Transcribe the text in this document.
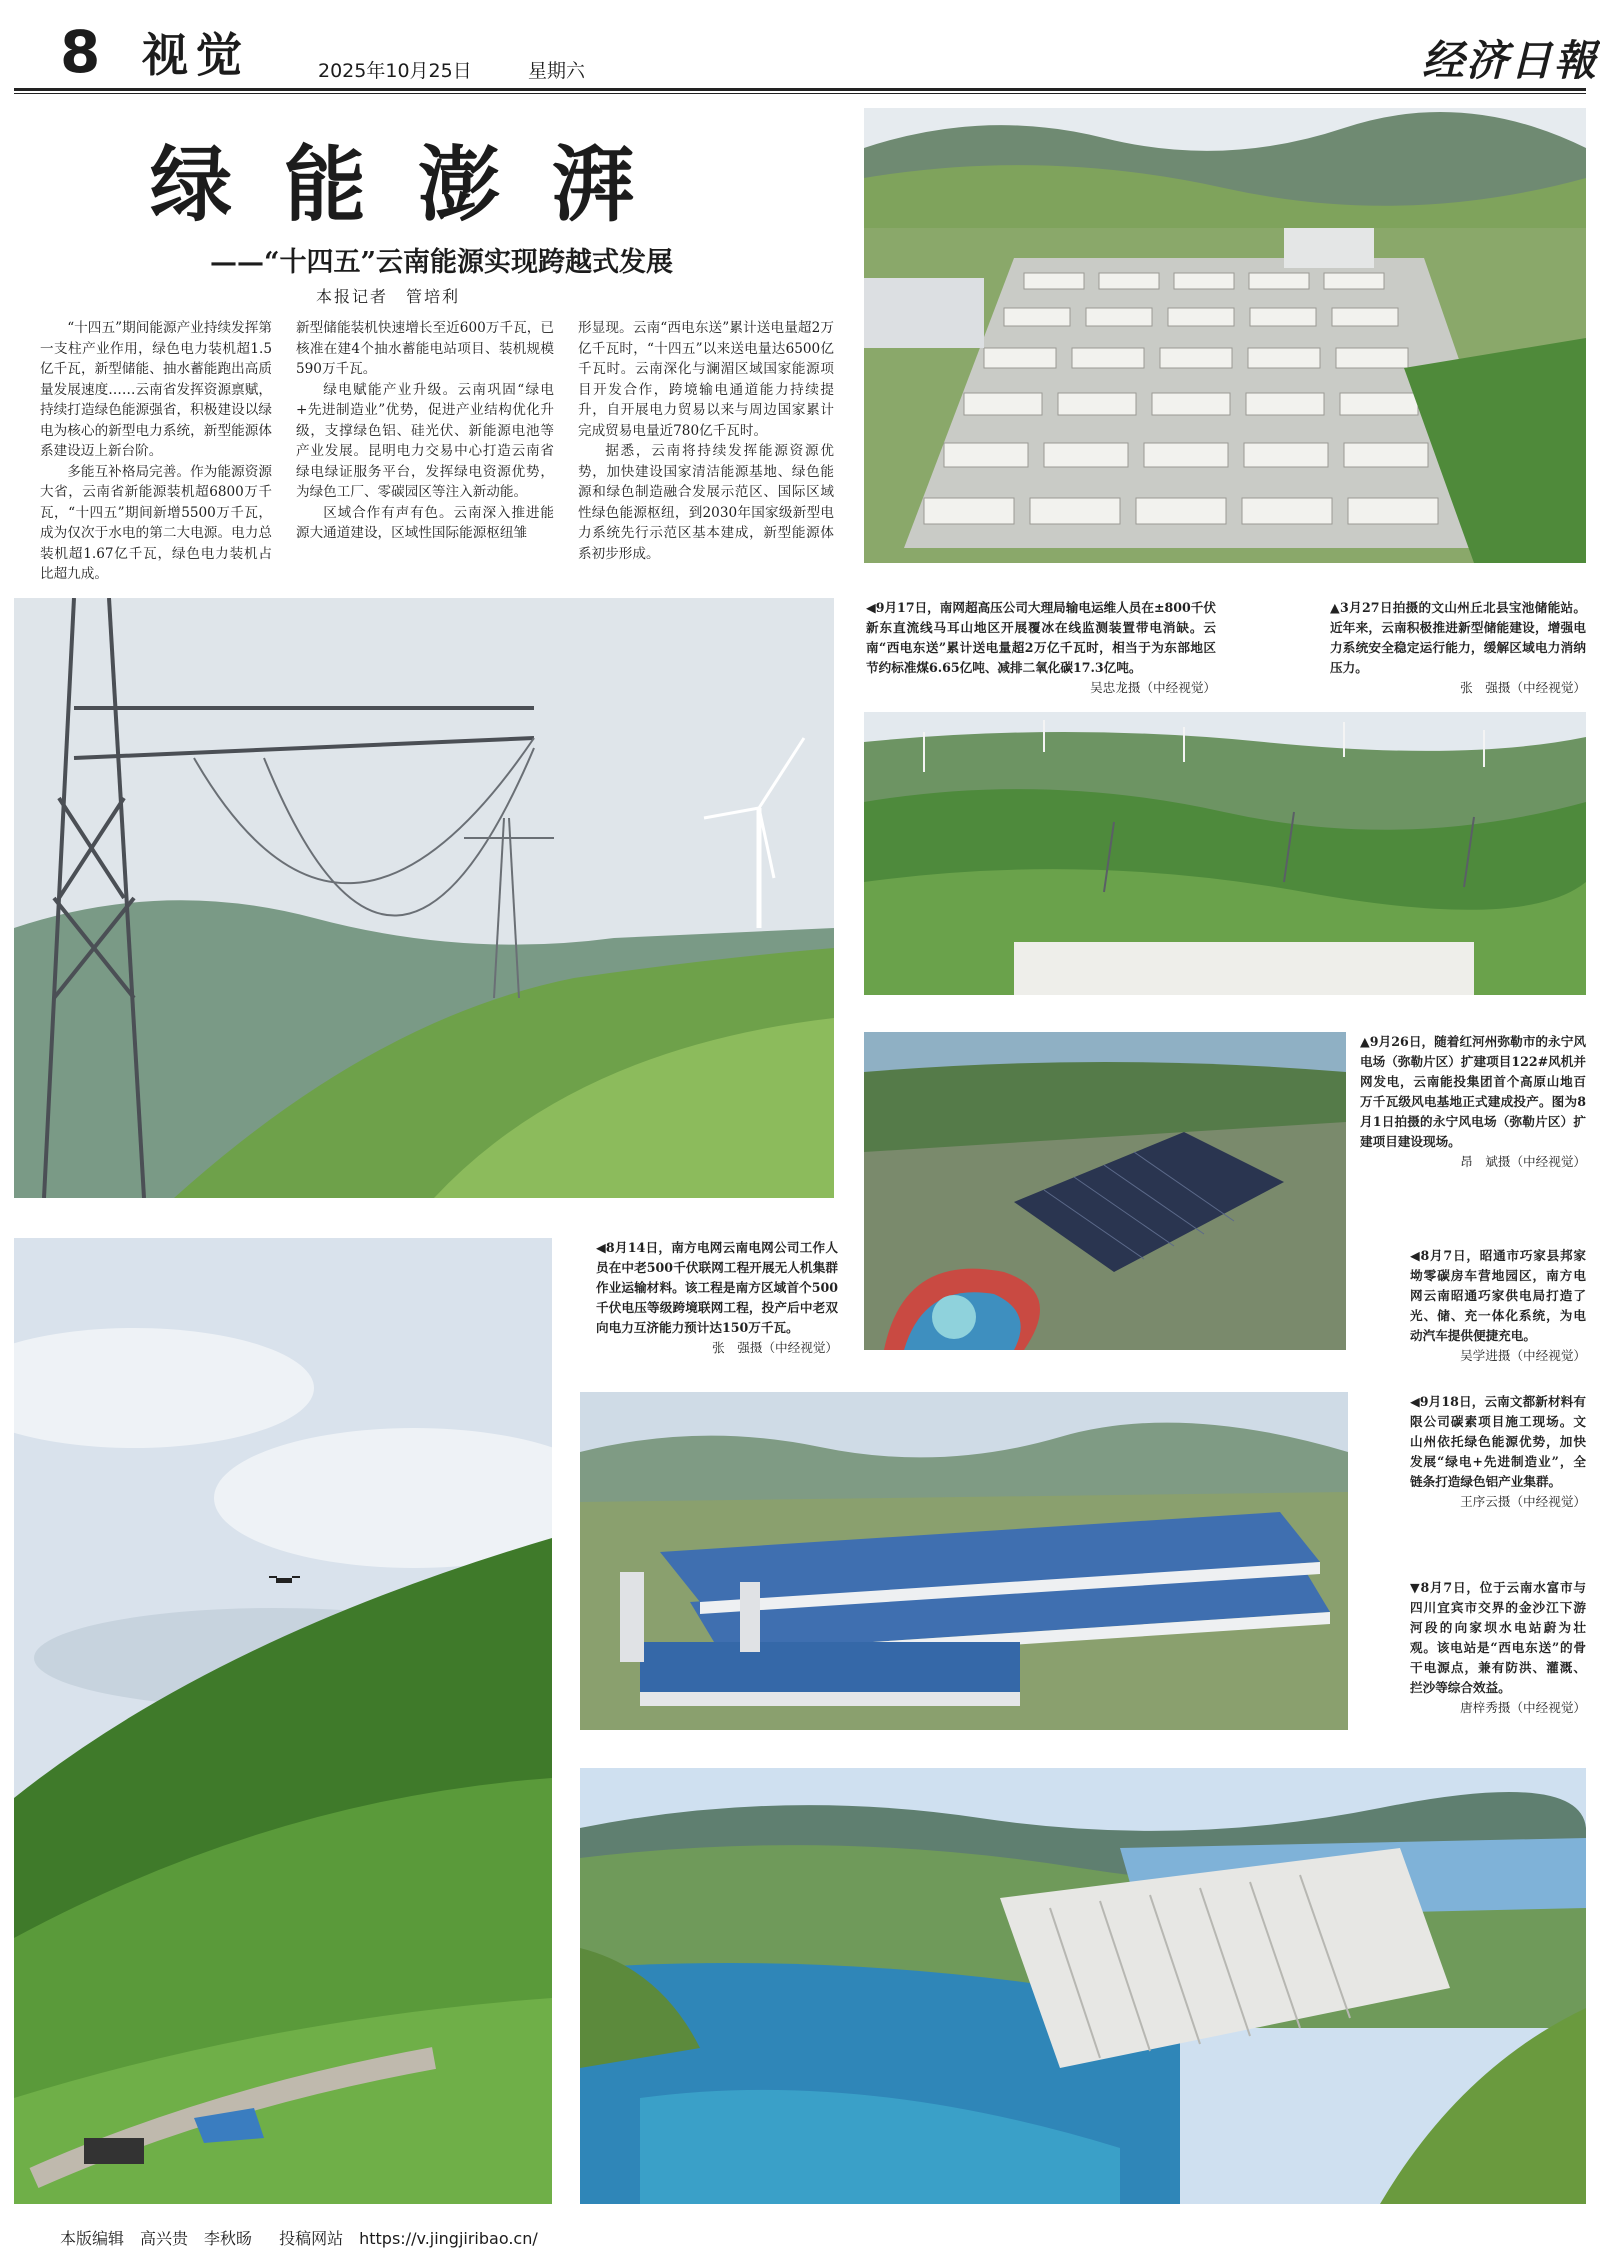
8 视觉	2025年10月25日	星期六	经济日報
绿能澎湃
——“十四五”云南能源实现跨越式发展
本报记者　管培利

“十四五”期间能源产业持续发挥第一支柱产业作用，绿色电力装机超1.5亿千瓦，新型储能、抽水蓄能跑出高质量发展速度……云南省发挥资源禀赋，持续打造绿色能源强省，积极建设以绿电为核心的新型电力系统，新型能源体系建设迈上新台阶。

多能互补格局完善。作为能源资源大省，云南省新能源装机超6800万千瓦，“十四五”期间新增5500万千瓦，成为仅次于水电的第二大电源。电力总装机超1.67亿千瓦，绿色电力装机占比超九成。

新型储能装机快速增长至近600万千瓦，已核准在建4个抽水蓄能电站项目、装机规模590万千瓦。

绿电赋能产业升级。云南巩固“绿电+先进制造业”优势，促进产业结构优化升级，支撑绿色铝、硅光伏、新能源电池等产业发展。昆明电力交易中心打造云南省绿电绿证服务平台，发挥绿电资源优势，为绿色工厂、零碳园区等注入新动能。

区域合作有声有色。云南深入推进能源大通道建设，区域性国际能源枢纽雏

形显现。云南“西电东送”累计送电量超2万亿千瓦时，“十四五”以来送电量达6500亿千瓦时。云南深化与澜湄区域国家能源项目开发合作，跨境输电通道能力持续提升，自开展电力贸易以来与周边国家累计完成贸易电量近780亿千瓦时。

据悉，云南将持续发挥能源资源优势，加快建设国家清洁能源基地、绿色能源和绿色制造融合发展示范区、国际区域性绿色能源枢纽，到2030年国家级新型电力系统先行示范区基本建成，新型能源体系初步形成。

◀9月17日，南网超高压公司大理局输电运维人员在±800千伏新东直流线马耳山地区开展覆冰在线监测装置带电消缺。云南“西电东送”累计送电量超2万亿千瓦时，相当于为东部地区节约标准煤6.65亿吨、减排二氧化碳17.3亿吨。
吴忠龙摄（中经视觉）
▲3月27日拍摄的文山州丘北县宝池储能站。近年来，云南积极推进新型储能建设，增强电力系统安全稳定运行能力，缓解区域电力消纳压力。
张　强摄（中经视觉）
▲9月26日，随着红河州弥勒市的永宁风电场（弥勒片区）扩建项目122#风机并网发电，云南能投集团首个高原山地百万千瓦级风电基地正式建成投产。图为8月1日拍摄的永宁风电场（弥勒片区）扩建项目建设现场。
昂　斌摄（中经视觉）
◀8月7日，昭通市巧家县邦家坳零碳房车营地园区，南方电网云南昭通巧家供电局打造了光、储、充一体化系统，为电动汽车提供便捷充电。
吴学进摄（中经视觉）
◀8月14日，南方电网云南电网公司工作人员在中老500千伏联网工程开展无人机集群作业运输材料。该工程是南方区域首个500千伏电压等级跨境联网工程，投产后中老双向电力互济能力预计达150万千瓦。
张　强摄（中经视觉）
◀9月18日，云南文都新材料有限公司碳素项目施工现场。文山州依托绿色能源优势，加快发展“绿电+先进制造业”，全链条打造绿色铝产业集群。
王序云摄（中经视觉）
▼8月7日，位于云南水富市与四川宜宾市交界的金沙江下游河段的向家坝水电站蔚为壮观。该电站是“西电东送”的骨干电源点，兼有防洪、灌溉、拦沙等综合效益。
唐梓秀摄（中经视觉）
本版编辑　高兴贵　李秋旸 投稿网站　https://v.jingjiribao.cn/
